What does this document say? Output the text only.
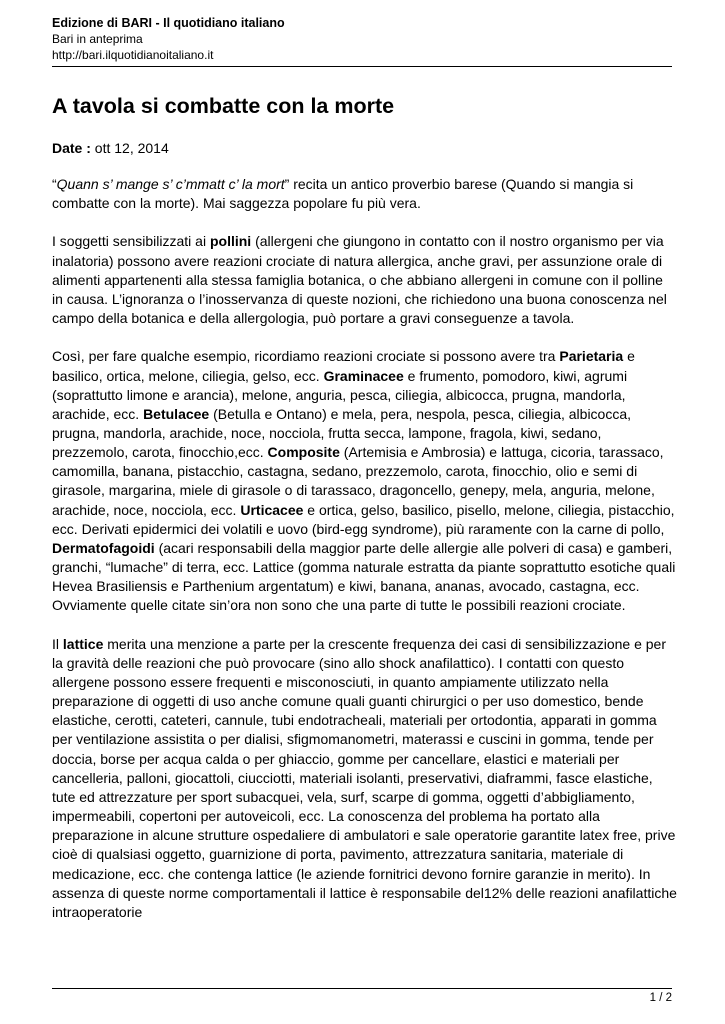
Edizione di BARI - Il quotidiano italiano
Bari in anteprima
http://bari.ilquotidianoitaliano.it
A tavola si combatte con la morte
Date : ott 12, 2014

“Quann s’ mange s’ c’mmatt c’ la mort” recita un antico proverbio barese (Quando si mangia si combatte con la morte). Mai saggezza popolare fu più vera.

I soggetti sensibilizzati ai pollini (allergeni che giungono in contatto con il nostro organismo per via inalatoria) possono avere reazioni crociate di natura allergica, anche gravi, per assunzione orale di alimenti appartenenti alla stessa famiglia botanica, o che abbiano allergeni in comune con il polline in causa. L’ignoranza o l’inosservanza di queste nozioni, che richiedono una buona conoscenza nel campo della botanica e della allergologia, può portare a gravi conseguenze a tavola.

Così, per fare qualche esempio, ricordiamo reazioni crociate si possono avere tra Parietaria e basilico, ortica, melone, ciliegia, gelso, ecc. Graminacee e frumento, pomodoro, kiwi, agrumi (soprattutto limone e arancia), melone, anguria, pesca, ciliegia, albicocca, prugna, mandorla, arachide, ecc. Betulacee (Betulla e Ontano) e mela, pera, nespola, pesca, ciliegia, albicocca, prugna, mandorla, arachide, noce, nocciola, frutta secca, lampone, fragola, kiwi, sedano, prezzemolo, carota, finocchio,ecc. Composite (Artemisia e Ambrosia) e lattuga, cicoria, tarassaco, camomilla, banana, pistacchio, castagna, sedano, prezzemolo, carota, finocchio, olio e semi di girasole, margarina, miele di girasole o di tarassaco, dragoncello, genepy, mela, anguria, melone, arachide, noce, nocciola, ecc. Urticacee e ortica, gelso, basilico, pisello, melone, ciliegia, pistacchio, ecc. Derivati epidermici dei volatili e uovo (bird-egg syndrome), più raramente con la carne di pollo, Dermatofagoidi (acari responsabili della maggior parte delle allergie alle polveri di casa) e gamberi, granchi, “lumache” di terra, ecc. Lattice (gomma naturale estratta da piante soprattutto esotiche quali Hevea Brasiliensis e Parthenium argentatum) e kiwi, banana, ananas, avocado, castagna, ecc. Ovviamente quelle citate sin’ora non sono che una parte di tutte le possibili reazioni crociate.

Il lattice merita una menzione a parte per la crescente frequenza dei casi di sensibilizzazione e per la gravità delle reazioni che può provocare (sino allo shock anafilattico). I contatti con questo allergene possono essere frequenti e misconosciuti, in quanto ampiamente utilizzato nella preparazione di oggetti di uso anche comune quali guanti chirurgici o per uso domestico, bende elastiche, cerotti, cateteri, cannule, tubi endotracheali, materiali per ortodontia, apparati in gomma per ventilazione assistita o per dialisi, sfigmomanometri, materassi e cuscini in gomma, tende per doccia, borse per acqua calda o per ghiaccio, gomme per cancellare, elastici e materiali per cancelleria, palloni, giocattoli, ciucciotti, materiali isolanti, preservativi, diaframmi, fasce elastiche, tute ed attrezzature per sport subacquei, vela, surf, scarpe di gomma, oggetti d’abbigliamento, impermeabili, copertoni per autoveicoli, ecc. La conoscenza del problema ha portato alla preparazione in alcune strutture ospedaliere di ambulatori e sale operatorie garantite latex free, prive cioè di qualsiasi oggetto, guarnizione di porta, pavimento, attrezzatura sanitaria, materiale di medicazione, ecc. che contenga lattice (le aziende fornitrici devono fornire garanzie in merito). In assenza di queste norme comportamentali il lattice è responsabile del12% delle reazioni anafilattiche intraoperatorie

1 / 2
